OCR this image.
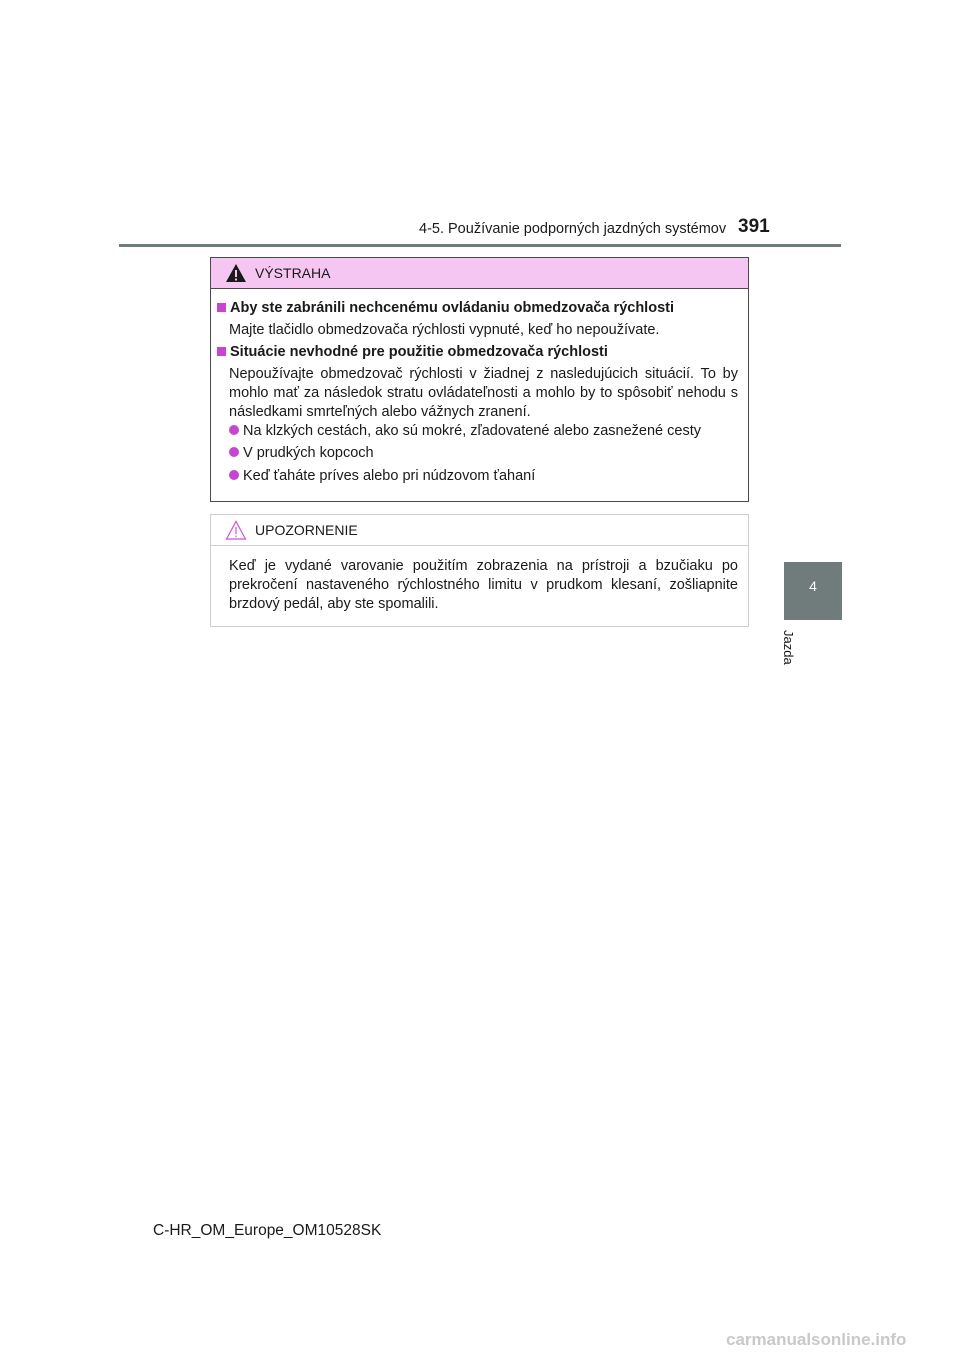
4-5. Používanie podporných jazdných systémov 391
4
Jazda
VÝSTRAHA
Aby ste zabránili nechcenému ovládaniu obmedzovača rýchlosti
Majte tlačidlo obmedzovača rýchlosti vypnuté, keď ho nepoužívate.
Situácie nevhodné pre použitie obmedzovača rýchlosti
Nepoužívajte obmedzovač rýchlosti v žiadnej z nasledujúcich situácií. To by mohlo mať za následok stratu ovládateľnosti a mohlo by to spôsobiť nehodu s následkami smrteľných alebo vážnych zranení.
Na klzkých cestách, ako sú mokré, zľadovatené alebo zasnežené cesty
V prudkých kopcoch
Keď ťaháte príves alebo pri núdzovom ťahaní
UPOZORNENIE
Keď je vydané varovanie použitím zobrazenia na prístroji a bzučiaku po prekročení nastaveného rýchlostného limitu v prudkom klesaní, zošliapnite brzdový pedál, aby ste spomalili.
C-HR_OM_Europe_OM10528SK
carmanualsonline.info
